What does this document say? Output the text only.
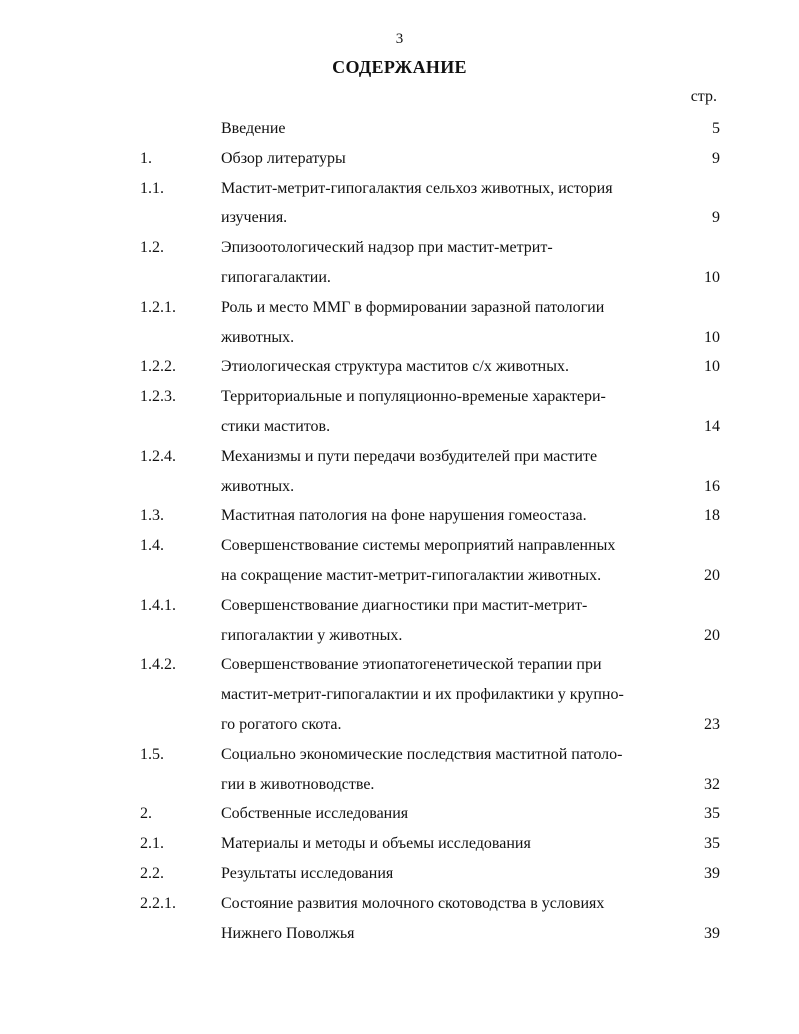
3
СОДЕРЖАНИЕ
стр.
Введение	5
1.	Обзор литературы	9
1.1.	Мастит-метрит-гипогалактия сельхоз животных, история
изучения.	9
1.2.	Эпизоотологический надзор при мастит-метрит-
гипогагалактии.	10
1.2.1.	Роль и место ММГ в формировании заразной патологии
животных.	10
1.2.2.	Этиологическая структура маститов с/х животных.	10
1.2.3.	Территориальные и популяционно-временые характери-
стики маститов.	14
1.2.4.	Механизмы и пути передачи возбудителей при мастите
животных.	16
1.3.	Маститная патология на фоне нарушения гомеостаза.	18
1.4.	Совершенствование системы мероприятий направленных
на сокращение мастит-метрит-гипогалактии животных.	20
1.4.1.	Совершенствование диагностики при мастит-метрит-
гипогалактии у животных.	20
1.4.2.	Совершенствование этиопатогенетической терапии при
мастит-метрит-гипогалактии и их профилактики у крупно-
го рогатого скота.	23
1.5.	Социально экономические последствия маститной патоло-
гии в животноводстве.	32
2.	Собственные исследования	35
2.1.	Материалы и методы и объемы исследования	35
2.2.	Результаты исследования	39
2.2.1.	Состояние развития молочного скотоводства в условиях
Нижнего Поволжья	39
